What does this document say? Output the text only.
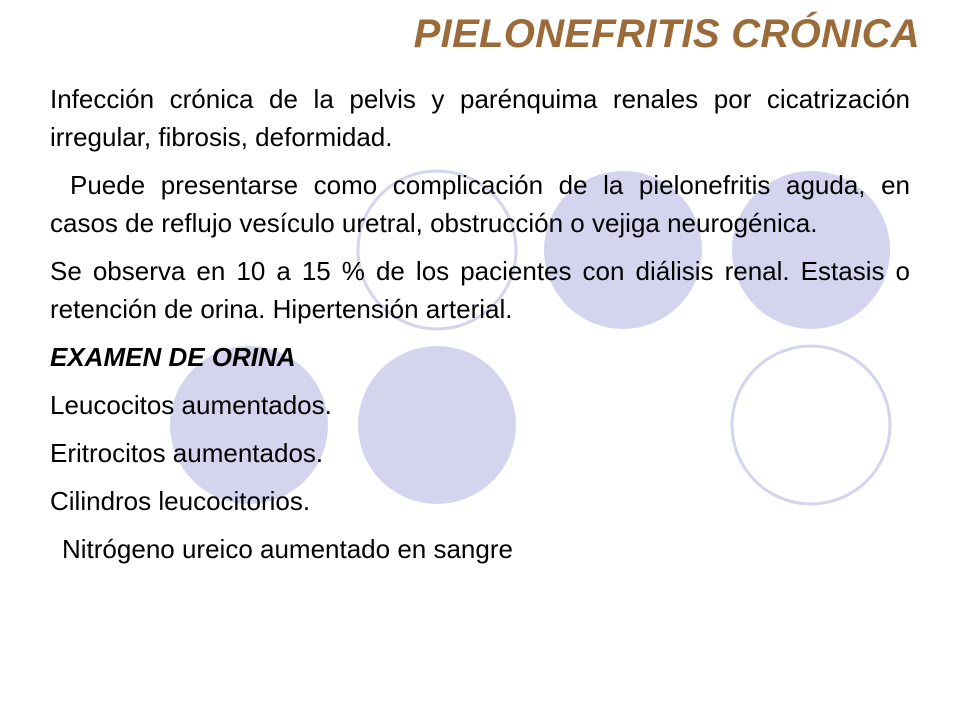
PIELONEFRITIS CRÓNICA

Infección crónica de la pelvis y parénquima renales por cicatrización irregular, fibrosis, deformidad.

Puede presentarse como complicación de la pielonefritis aguda, en casos de reflujo vesículo uretral, obstrucción o vejiga neurogénica.

Se observa en 10 a 15 % de los pacientes con diálisis renal. Estasis o retención de orina. Hipertensión arterial.

EXAMEN DE ORINA
Leucocitos aumentados.
Eritrocitos aumentados.
Cilindros leucocitorios.
Nitrógeno ureico aumentado en sangre
